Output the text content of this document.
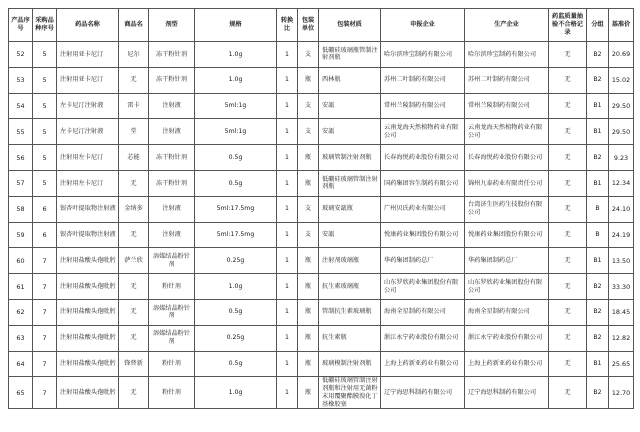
产品序号	采购品种序号	药品名称	商品名	剂型	规格	转换比	包装单位	包装材质	申报企业	生产企业	药监质量抽验不合格记录	分组	基准价
52	5	注射用亚卡尼汀	尼尔	冻干粉针剂	1.0g	1	支	低硼硅玻璃瓶管制注射剂瓶	哈尔滨珍宝制药有限公司	哈尔滨珍宝制药有限公司	无	B2	20.69
53	5	注射用亚卡尼汀	无	冻干粉针剂	1.0g	1	瓶	西林瓶	苏州二叶制药有限公司	苏州二叶制药有限公司	无	B2	15.02
54	5	左卡尼汀注射液	雷卡	注射液	5ml:1g	1	支	安瓿	常州兰陵制药有限公司	常州兰陵制药有限公司	无	B1	29.50
55	5	左卡尼汀注射液	堂	注射液	5ml:1g	1	支	安瓿	云南龙海天然植物药业有限公司	云南龙海天然植物药业有限公司	无	B1	29.50
56	5	注射用左卡尼汀	芯能	冻干粉针剂	0.5g	1	瓶	玻璃管制注射剂瓶	长春海悦药业股份有限公司	长春海悦药业股份有限公司	无	B2	9.23
57	5	注射用左卡尼汀	无	冻干粉针剂	0.5g	1	瓶	低硼硅玻璃管制注射剂瓶	国药集团容生制药有限公司	锦州九泰药业有限责任公司	无	B1	12.34
58	6	银杏叶提取物注射液	金纳多	注射液	5ml:17.5mg	1	支	玻璃安瓿瓶	广州贝氏药业有限公司	台湾济生医药生技股份有限公司	无	B	24.10
59	6	银杏叶提取物注射液	无	注射液	5ml:17.5mg	1	支	安瓿	悦康药业集团股份有限公司	悦康药业集团股份有限公司	无	B	24.19
60	7	注射用盐酸头孢吡肟	萨兰欣	溶媒结晶粉针剂	0.25g	1	瓶	注射剂玻璃瓶	华药集团制药总厂	华药集团制药总厂	无	B1	13.50
61	7	注射用盐酸头孢吡肟	无	粉针剂	1.0g	1	瓶	抗生素玻璃瓶	山东罗欣药业集团股份有限公司	山东罗欣药业集团股份有限公司	无	B2	33.30
62	7	注射用盐酸头孢吡肟	无	溶媒结晶粉针剂	0.5g	1	瓶	管制抗生素玻璃瓶	海南全星制药有限公司	海南全星制药有限公司	无	B2	18.45
63	7	注射用盐酸头孢吡肟	无	溶媒结晶粉针剂	0.25g	1	瓶	抗生素瓶	浙江永宁药业股份有限公司	浙江永宁药业股份有限公司	无	B2	12.82
64	7	注射用盐酸头孢吡肟	锋替新	粉针剂	0.5g	1	瓶	玻璃模制注射剂瓶	上海上药新亚药业有限公司	上海上药新亚药业有限公司	无	B1	25.65
65	7	注射用盐酸头孢吡肟	无	粉针剂	1.0g	1	瓶	低硼硅玻璃管制注射剂瓶和注射用无菌粉末用覆聚酯膜溴化丁基橡胶塞	辽宁海思科制药有限公司	辽宁海思科制药有限公司	无	B2	12.70
